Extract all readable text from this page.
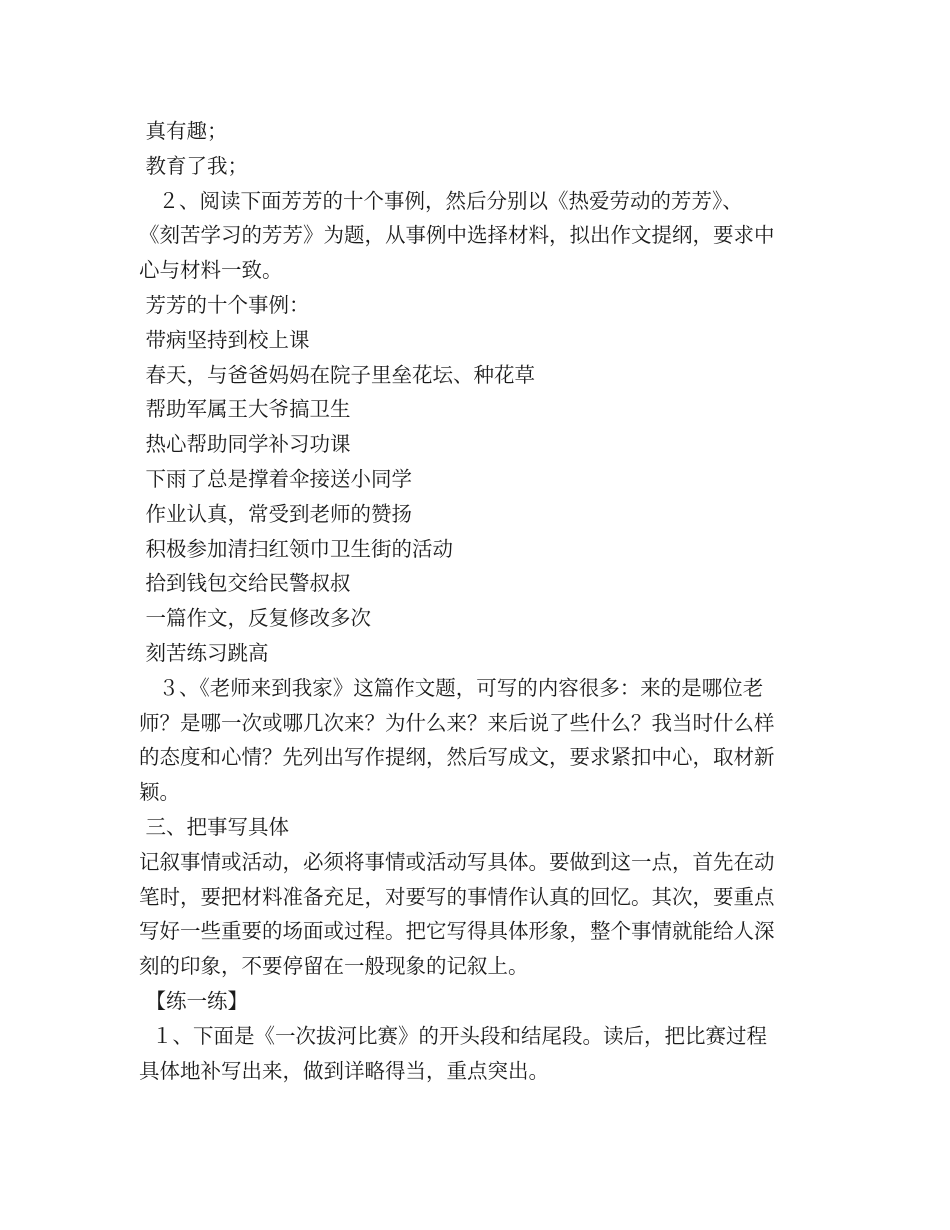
真有趣；
教育了我；
２、阅读下面芳芳的十个事例，然后分别以《热爱劳动的芳芳》、
《刻苦学习的芳芳》为题，从事例中选择材料，拟出作文提纲，要求中
心与材料一致。
芳芳的十个事例：
带病坚持到校上课
春天，与爸爸妈妈在院子里垒花坛、种花草
帮助军属王大爷搞卫生
热心帮助同学补习功课
下雨了总是撑着伞接送小同学
作业认真，常受到老师的赞扬
积极参加清扫红领巾卫生街的活动
拾到钱包交给民警叔叔
一篇作文，反复修改多次
刻苦练习跳高
３、《老师来到我家》这篇作文题，可写的内容很多：来的是哪位老
师？是哪一次或哪几次来？为什么来？来后说了些什么？我当时什么样
的态度和心情？先列出写作提纲，然后写成文，要求紧扣中心，取材新
颖。
三、把事写具体
记叙事情或活动，必须将事情或活动写具体。要做到这一点，首先在动
笔时，要把材料准备充足，对要写的事情作认真的回忆。其次，要重点
写好一些重要的场面或过程。把它写得具体形象，整个事情就能给人深
刻的印象，不要停留在一般现象的记叙上。
【练一练】
１、下面是《一次拔河比赛》的开头段和结尾段。读后，把比赛过程
具体地补写出来，做到详略得当，重点突出。
